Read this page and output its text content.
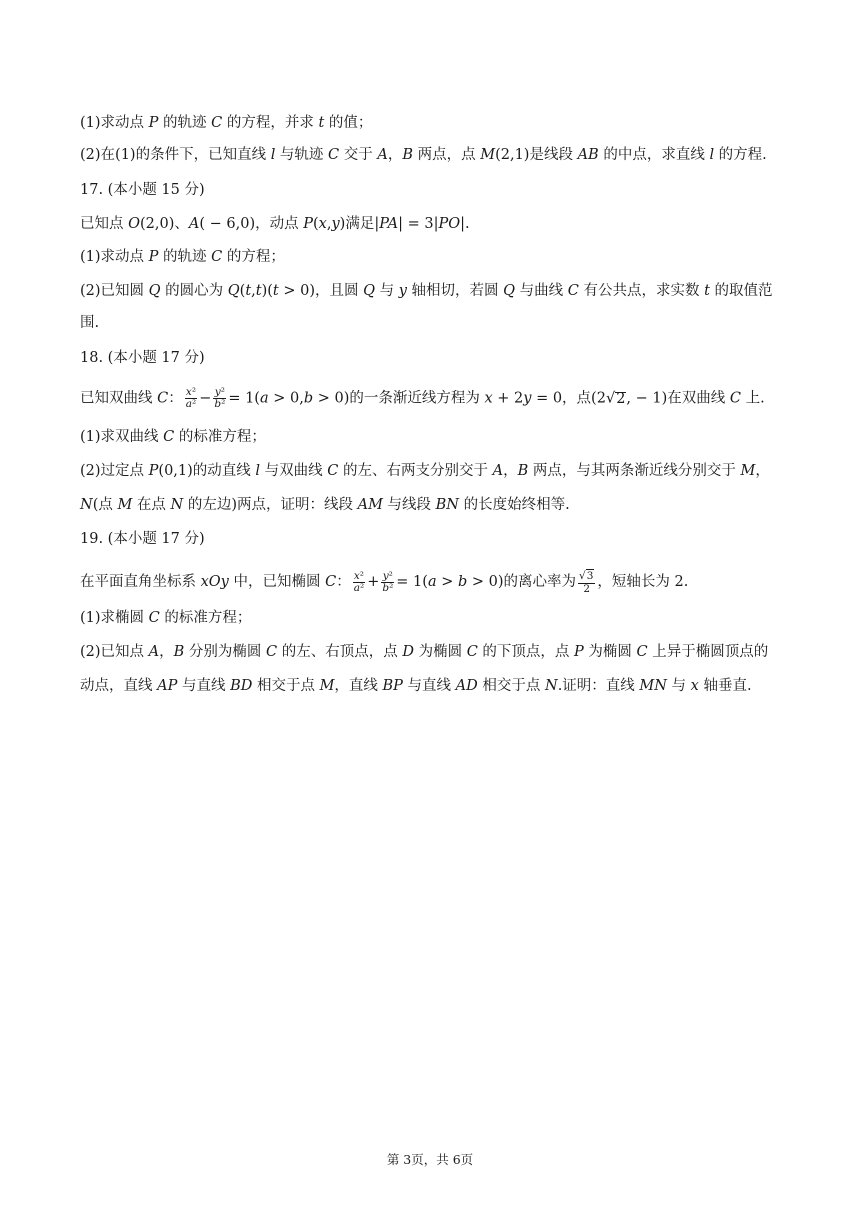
(1)求动点 P 的轨迹 C 的方程，并求 t 的值；
(2)在(1)的条件下，已知直线 l 与轨迹 C 交于 A，B 两点，点 M(2,1)是线段 AB 的中点，求直线 l 的方程.
17. (本小题 15 分)
已知点 O(2,0)、A( − 6,0)，动点 P(x,y)满足|PA| = 3|PO|.
(1)求动点 P 的轨迹 C 的方程；
(2)已知圆 Q 的圆心为 Q(t,t)(t > 0)，且圆 Q 与 y 轴相切，若圆 Q 与曲线 C 有公共点，求实数 t 的取值范
围.
18. (本小题 17 分)
已知双曲线 C： $\frac{\text{x²}}{\text{a²}} - \frac{\text{y²}}{\text{b²}} = 1(a > 0,b > 0)$的一条渐近线方程为 x + 2y = 0，点(2√2, − 1)在双曲线 C 上.
(1)求双曲线 C 的标准方程；
(2)过定点 P(0,1)的动直线 l 与双曲线 C 的左、右两支分别交于 A，B 两点，与其两条渐近线分别交于 M，
N(点 M 在点 N 的左边)两点，证明：线段 AM 与线段 BN 的长度始终相等.
19. (本小题 17 分)
在平面直角坐标系 xOy 中，已知椭圆 C： $\frac{\text{x²}}{\text{a²}} + \frac{\text{y²}}{\text{b²}} = 1(a > b > 0)$的离心率为 $\frac{√3}{2}$ ，短轴长为 2.
(1)求椭圆 C 的标准方程；
(2)已知点 A，B 分别为椭圆 C 的左、右顶点，点 D 为椭圆 C 的下顶点，点 P 为椭圆 C 上异于椭圆顶点的
动点，直线 AP 与直线 BD 相交于点 M，直线 BP 与直线 AD 相交于点 N.证明：直线 MN 与 x 轴垂直.
第 3页，共 6页
